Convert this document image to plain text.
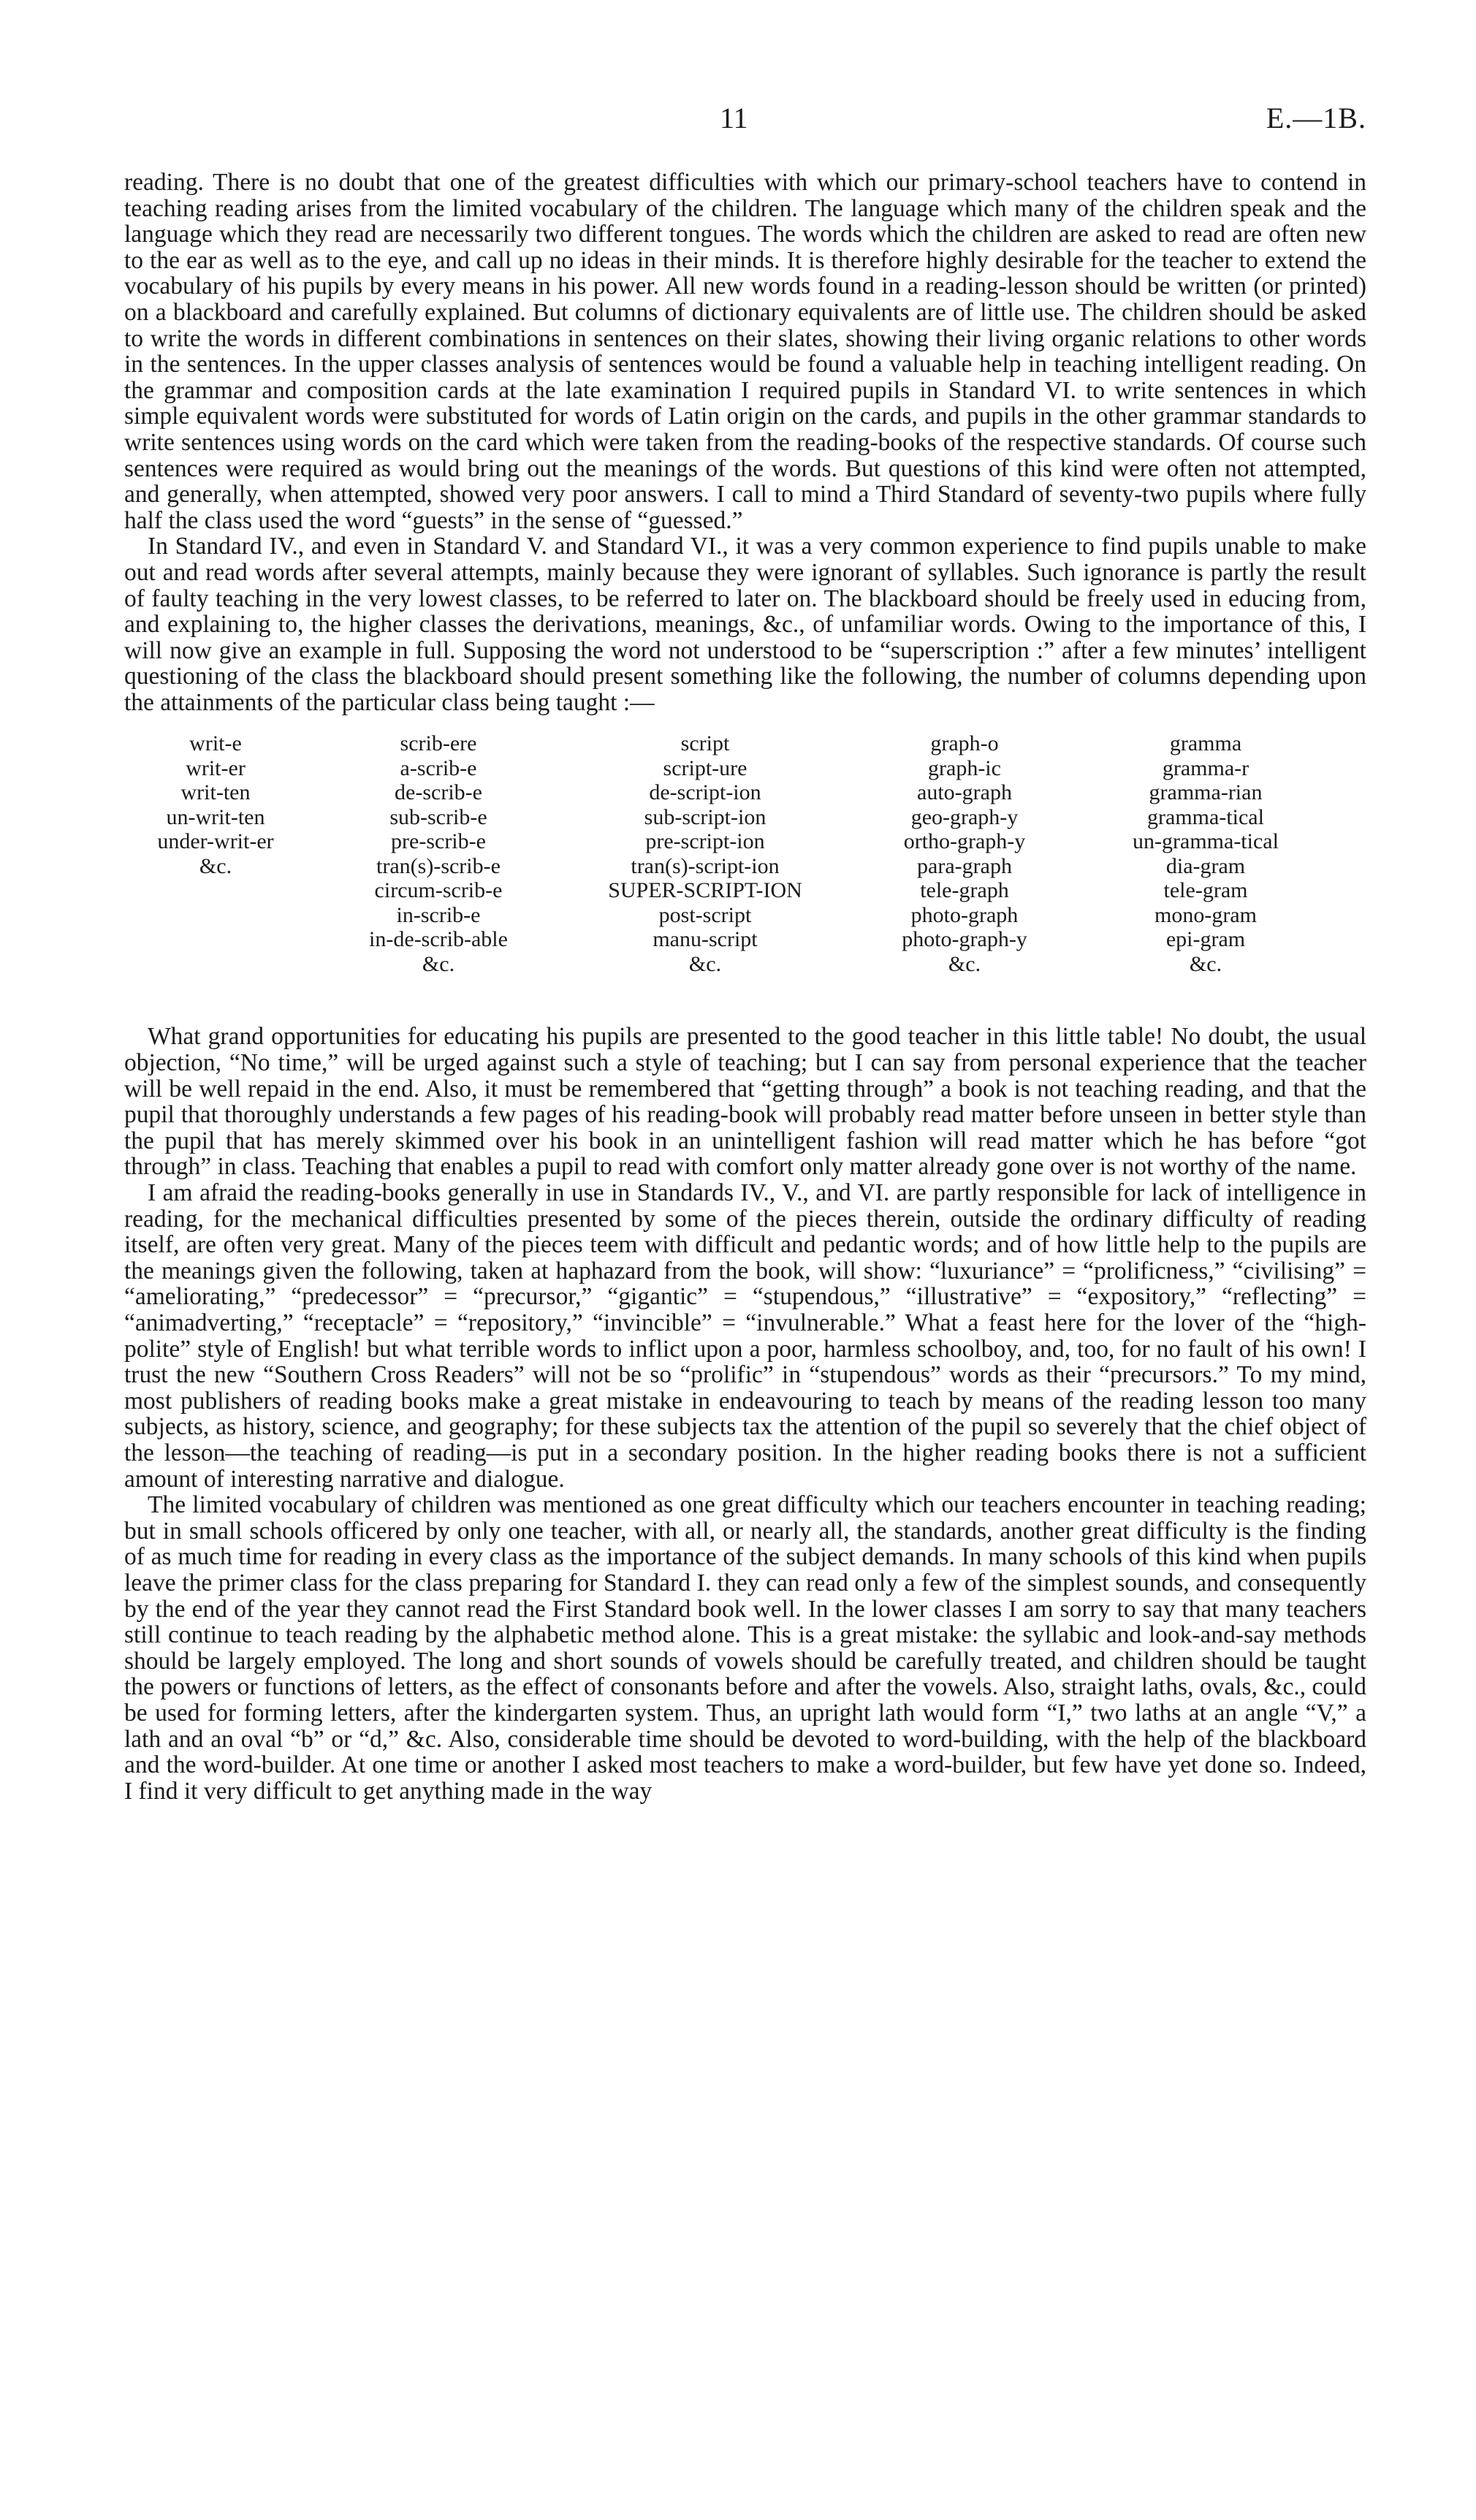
11	E.—1B.

reading. There is no doubt that one of the greatest difficulties with which our primary-school teachers have to contend in teaching reading arises from the limited vocabulary of the children. The language which many of the children speak and the language which they read are necessarily two different tongues. The words which the children are asked to read are often new to the ear as well as to the eye, and call up no ideas in their minds. It is therefore highly desirable for the teacher to extend the vocabulary of his pupils by every means in his power. All new words found in a reading-lesson should be written (or printed) on a blackboard and carefully explained. But columns of dictionary equivalents are of little use. The children should be asked to write the words in different combinations in sentences on their slates, showing their living organic relations to other words in the sentences. In the upper classes analysis of sentences would be found a valuable help in teaching intelligent reading. On the grammar and composition cards at the late examination I required pupils in Standard VI. to write sentences in which simple equivalent words were substituted for words of Latin origin on the cards, and pupils in the other grammar standards to write sentences using words on the card which were taken from the reading-books of the respective standards. Of course such sentences were required as would bring out the meanings of the words. But questions of this kind were often not attempted, and generally, when attempted, showed very poor answers. I call to mind a Third Standard of seventy-two pupils where fully half the class used the word “guests” in the sense of “guessed.”

In Standard IV., and even in Standard V. and Standard VI., it was a very common experience to find pupils unable to make out and read words after several attempts, mainly because they were ignorant of syllables. Such ignorance is partly the result of faulty teaching in the very lowest classes, to be referred to later on. The blackboard should be freely used in educing from, and explaining to, the higher classes the derivations, meanings, &c., of unfamiliar words. Owing to the importance of this, I will now give an example in full. Supposing the word not understood to be “superscription :” after a few minutes’ intelligent questioning of the class the blackboard should present something like the following, the number of columns depending upon the attainments of the particular class being taught :—

writ-e
writ-er
writ-ten
un-writ-ten
under-writ-er
&c.
scrib-ere
a-scrib-e
de-scrib-e
sub-scrib-e
pre-scrib-e
tran(s)-scrib-e
circum-scrib-e
in-scrib-e
in-de-scrib-able
&c.
script
script-ure
de-script-ion
sub-script-ion
pre-script-ion
tran(s)-script-ion
SUPER-SCRIPT-ION
post-script
manu-script
&c.
graph-o
graph-ic
auto-graph
geo-graph-y
ortho-graph-y
para-graph
tele-graph
photo-graph
photo-graph-y
&c.
gramma
gramma-r
gramma-rian
gramma-tical
un-gramma-tical
dia-gram
tele-gram
mono-gram
epi-gram
&c.

What grand opportunities for educating his pupils are presented to the good teacher in this little table! No doubt, the usual objection, “No time,” will be urged against such a style of teaching; but I can say from personal experience that the teacher will be well repaid in the end. Also, it must be remembered that “getting through” a book is not teaching reading, and that the pupil that thoroughly understands a few pages of his reading-book will probably read matter before unseen in better style than the pupil that has merely skimmed over his book in an unintelligent fashion will read matter which he has before “got through” in class. Teaching that enables a pupil to read with comfort only matter already gone over is not worthy of the name.

I am afraid the reading-books generally in use in Standards IV., V., and VI. are partly responsible for lack of intelligence in reading, for the mechanical difficulties presented by some of the pieces therein, outside the ordinary difficulty of reading itself, are often very great. Many of the pieces teem with difficult and pedantic words; and of how little help to the pupils are the meanings given the following, taken at haphazard from the book, will show: “luxuriance” = “prolificness,” “civilising” = “ameliorating,” “predecessor” = “precursor,” “gigantic” = “stupendous,” “illustrative” = “expository,” “reflecting” = “animadverting,” “receptacle” = “repository,” “invincible” = “invulnerable.” What a feast here for the lover of the “high-polite” style of English! but what terrible words to inflict upon a poor, harmless schoolboy, and, too, for no fault of his own! I trust the new “Southern Cross Readers” will not be so “prolific” in “stupendous” words as their “precursors.” To my mind, most publishers of reading books make a great mistake in endeavouring to teach by means of the reading lesson too many subjects, as history, science, and geography; for these subjects tax the attention of the pupil so severely that the chief object of the lesson—the teaching of reading—is put in a secondary position. In the higher reading books there is not a sufficient amount of interesting narrative and dialogue.

The limited vocabulary of children was mentioned as one great difficulty which our teachers encounter in teaching reading; but in small schools officered by only one teacher, with all, or nearly all, the standards, another great difficulty is the finding of as much time for reading in every class as the importance of the subject demands. In many schools of this kind when pupils leave the primer class for the class preparing for Standard I. they can read only a few of the simplest sounds, and consequently by the end of the year they cannot read the First Standard book well. In the lower classes I am sorry to say that many teachers still continue to teach reading by the alphabetic method alone. This is a great mistake: the syllabic and look-and-say methods should be largely employed. The long and short sounds of vowels should be carefully treated, and children should be taught the powers or functions of letters, as the effect of consonants before and after the vowels. Also, straight laths, ovals, &c., could be used for forming letters, after the kindergarten system. Thus, an upright lath would form “I,” two laths at an angle “V,” a lath and an oval “b” or “d,” &c. Also, considerable time should be devoted to word-building, with the help of the blackboard and the word-builder. At one time or another I asked most teachers to make a word-builder, but few have yet done so. Indeed, I find it very difficult to get anything made in the way
